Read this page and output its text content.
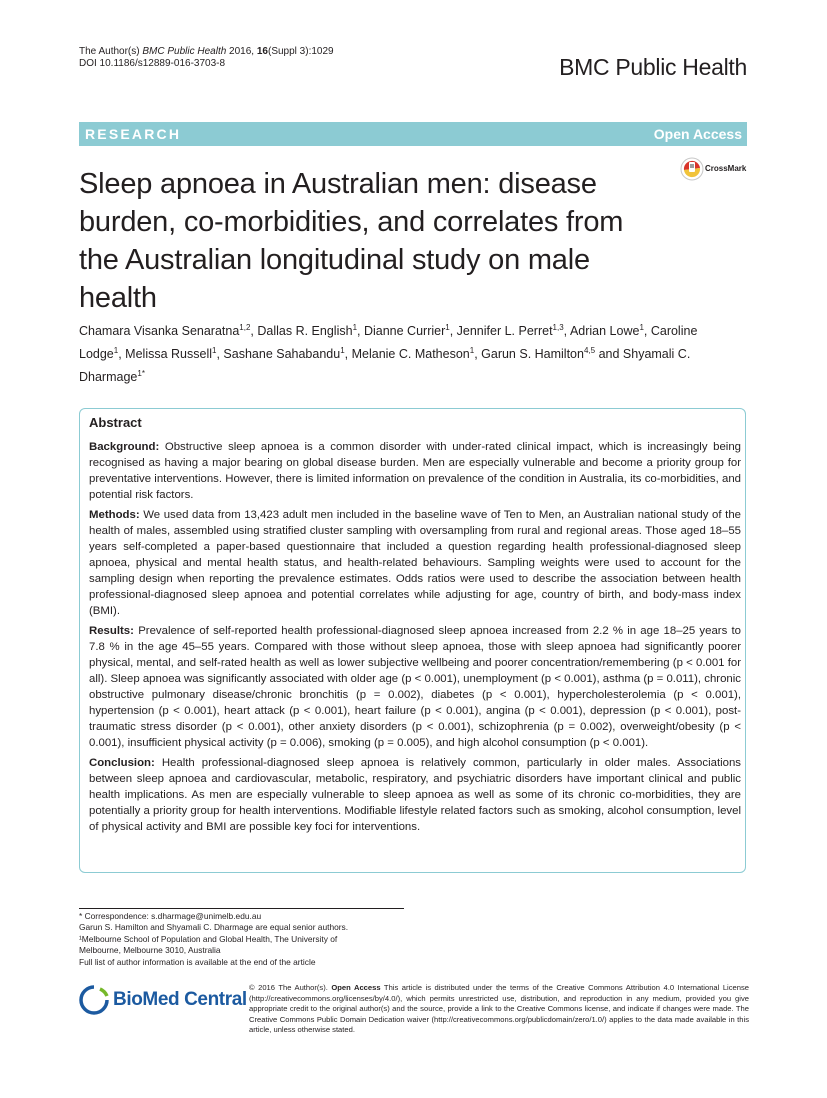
The Author(s) BMC Public Health 2016, 16(Suppl 3):1029
DOI 10.1186/s12889-016-3703-8	BMC Public Health
RESEARCH	Open Access
CrossMark
Sleep apnoea in Australian men: disease burden, co-morbidities, and correlates from the Australian longitudinal study on male health
Chamara Visanka Senaratna$^{1,2}$, Dallas R. English$^1$, Dianne Currier$^1$, Jennifer L. Perret$^{1,3}$, Adrian Lowe$^1$, Caroline Lodge$^1$, Melissa Russell$^1$, Sashane Sahabandu$^1$, Melanie C. Matheson$^1$, Garun S. Hamilton$^{4,5}$ and Shyamali C. Dharmage$^{1*}$
Abstract

Background: Obstructive sleep apnoea is a common disorder with under-rated clinical impact, which is increasingly being recognised as having a major bearing on global disease burden. Men are especially vulnerable and become a priority group for preventative interventions. However, there is limited information on prevalence of the condition in Australia, its co-morbidities, and potential risk factors.

Methods: We used data from 13,423 adult men included in the baseline wave of Ten to Men, an Australian national study of the health of males, assembled using stratified cluster sampling with oversampling from rural and regional areas. Those aged 18–55 years self-completed a paper-based questionnaire that included a question regarding health professional-diagnosed sleep apnoea, physical and mental health status, and health-related behaviours. Sampling weights were used to account for the sampling design when reporting the prevalence estimates. Odds ratios were used to describe the association between health professional-diagnosed sleep apnoea and potential correlates while adjusting for age, country of birth, and body-mass index (BMI).

Results: Prevalence of self-reported health professional-diagnosed sleep apnoea increased from 2.2 % in age 18–25 years to 7.8 % in the age 45–55 years. Compared with those without sleep apnoea, those with sleep apnoea had significantly poorer physical, mental, and self-rated health as well as lower subjective wellbeing and poorer concentration/remembering (p < 0.001 for all). Sleep apnoea was significantly associated with older age (p < 0.001), unemployment (p < 0.001), asthma (p = 0.011), chronic obstructive pulmonary disease/chronic bronchitis (p = 0.002), diabetes (p < 0.001), hypercholesterolemia (p < 0.001), hypertension (p < 0.001), heart attack (p < 0.001), heart failure (p < 0.001), angina (p < 0.001), depression (p < 0.001), post-traumatic stress disorder (p < 0.001), other anxiety disorders (p < 0.001), schizophrenia (p = 0.002), overweight/obesity (p < 0.001), insufficient physical activity (p = 0.006), smoking (p = 0.005), and high alcohol consumption (p < 0.001).

Conclusion: Health professional-diagnosed sleep apnoea is relatively common, particularly in older males. Associations between sleep apnoea and cardiovascular, metabolic, respiratory, and psychiatric disorders have important clinical and public health implications. As men are especially vulnerable to sleep apnoea as well as some of its chronic co-morbidities, they are potentially a priority group for health interventions. Modifiable lifestyle related factors such as smoking, alcohol consumption, level of physical activity and BMI are possible key foci for interventions.

* Correspondence: s.dharmage@unimelb.edu.au
Garun S. Hamilton and Shyamali C. Dharmage are equal senior authors.
¹Melbourne School of Population and Global Health, The University of
Melbourne, Melbourne 3010, Australia
Full list of author information is available at the end of the article
BioMed Central
© 2016 The Author(s). Open Access This article is distributed under the terms of the Creative Commons Attribution 4.0 International License (http://creativecommons.org/licenses/by/4.0/), which permits unrestricted use, distribution, and reproduction in any medium, provided you give appropriate credit to the original author(s) and the source, provide a link to the Creative Commons license, and indicate if changes were made. The Creative Commons Public Domain Dedication waiver (http://creativecommons.org/publicdomain/zero/1.0/) applies to the data made available in this article, unless otherwise stated.
